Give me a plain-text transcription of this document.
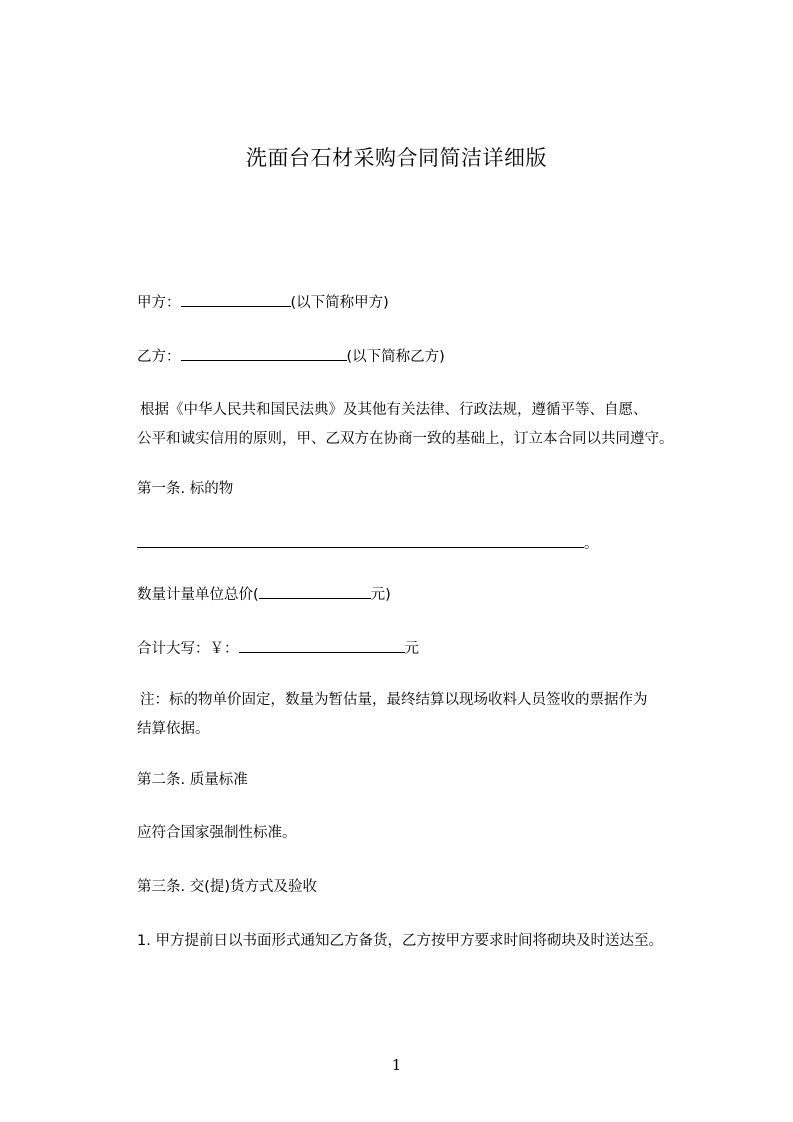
洗面台石材采购合同简洁详细版
甲方：	(以下简称甲方)
乙方：	(以下简称乙方)
根据《中华人民共和国民法典》及其他有关法律、行政法规，遵循平等、自愿、
公平和诚实信用的原则，甲、乙双方在协商一致的基础上，订立本合同以共同遵守。
第一条. 标的物
。
数量计量单位总价(	元)
合计大写：￥：	元
注：标的物单价固定，数量为暂估量，最终结算以现场收料人员签收的票据作为
结算依据。
第二条. 质量标准
应符合国家强制性标准。
第三条. 交(提)货方式及验收
1. 甲方提前日以书面形式通知乙方备货，乙方按甲方要求时间将砌块及时送达至。
1
